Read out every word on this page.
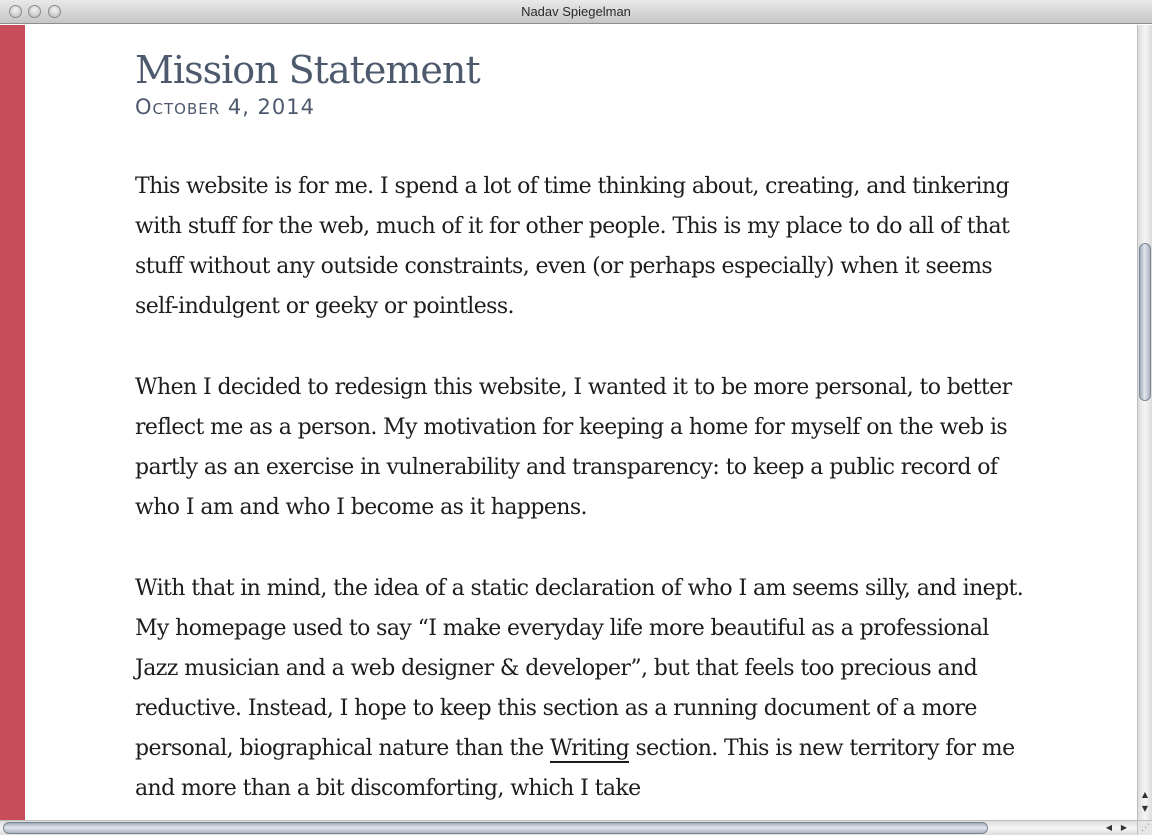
Nadav Spiegelman
Mission Statement
October 4, 2014

This website is for me. I spend a lot of time thinking about, creating, and tinkering with stuff for the web, much of it for other people. This is my place to do all of that stuff without any outside constraints, even (or perhaps especially) when it seems self-indulgent or geeky or pointless.

When I decided to redesign this website, I wanted it to be more personal, to better reflect me as a person. My motivation for keeping a home for myself on the web is partly as an exercise in vulnerability and transparency: to keep a public record of who I am and who I become as it happens.

With that in mind, the idea of a static declaration of who I am seems silly, and inept. My homepage used to say “I make everyday life more beautiful as a professional Jazz musician and a web designer & developer”, but that feels too precious and reductive. Instead, I hope to keep this section as a running document of a more personal, biographical nature than the Writing section. This is new territory for me and more than a bit discomforting, which I take	▲
▼
◀	▶	⋰
